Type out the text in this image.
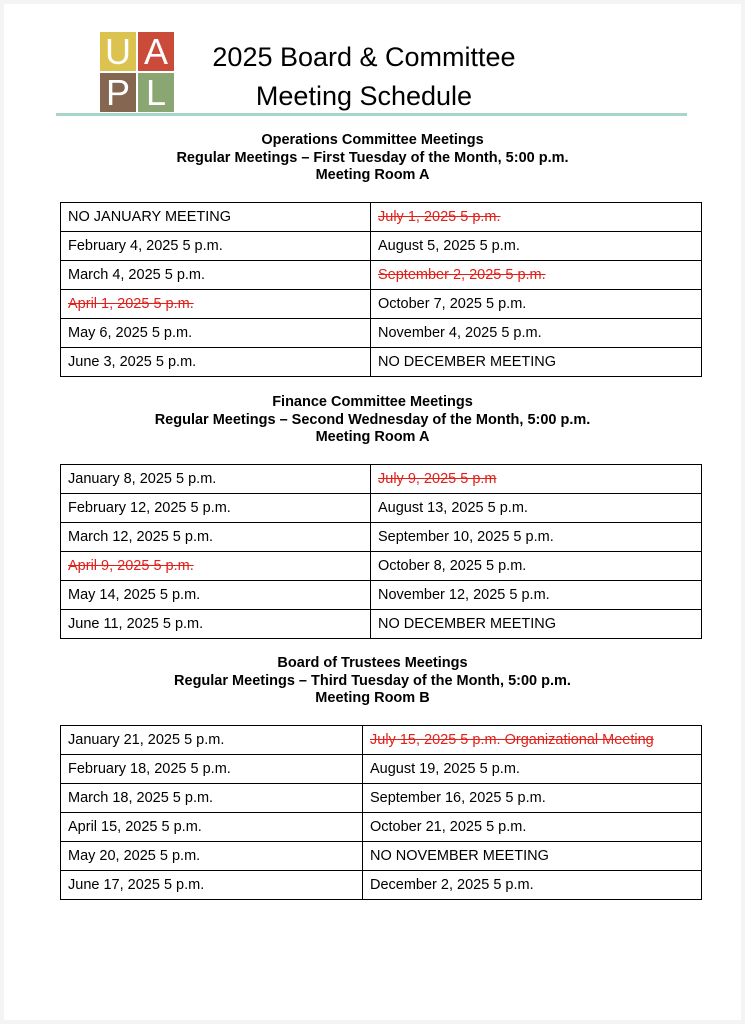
U A
P L
2025 Board & Committee
Meeting Schedule
Operations Committee Meetings
Regular Meetings – First Tuesday of the Month, 5:00 p.m.
Meeting Room A
NO JANUARY MEETING	July 1, 2025 5 p.m.
February 4, 2025 5 p.m.	August 5, 2025 5 p.m.
March 4, 2025 5 p.m.	September 2, 2025 5 p.m.
April 1, 2025 5 p.m.	October 7, 2025 5 p.m.
May 6, 2025 5 p.m.	November 4, 2025 5 p.m.
June 3, 2025 5 p.m.	NO DECEMBER MEETING
Finance Committee Meetings
Regular Meetings – Second Wednesday of the Month, 5:00 p.m.
Meeting Room A
January 8, 2025 5 p.m.	July 9, 2025 5 p.m
February 12, 2025 5 p.m.	August 13, 2025 5 p.m.
March 12, 2025 5 p.m.	September 10, 2025 5 p.m.
April 9, 2025 5 p.m.	October 8, 2025 5 p.m.
May 14, 2025 5 p.m.	November 12, 2025 5 p.m.
June 11, 2025 5 p.m.	NO DECEMBER MEETING
Board of Trustees Meetings
Regular Meetings – Third Tuesday of the Month, 5:00 p.m.
Meeting Room B
January 21, 2025 5 p.m.	July 15, 2025 5 p.m. Organizational Meeting
February 18, 2025 5 p.m.	August 19, 2025 5 p.m.
March 18, 2025 5 p.m.	September 16, 2025 5 p.m.
April 15, 2025 5 p.m.	October 21, 2025 5 p.m.
May 20, 2025 5 p.m.	NO NOVEMBER MEETING
June 17, 2025 5 p.m.	December 2, 2025 5 p.m.
